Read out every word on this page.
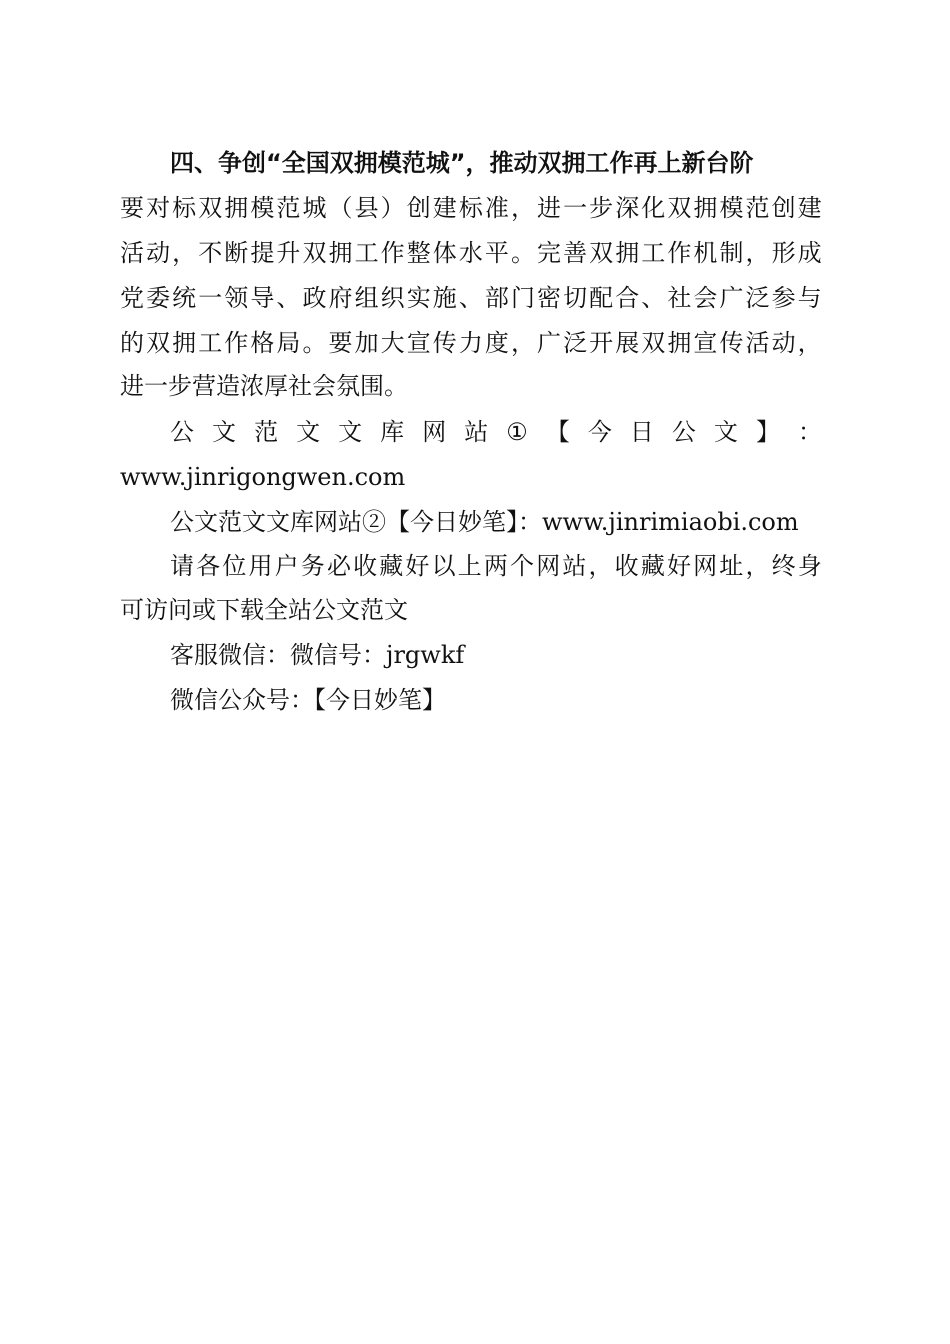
四、争创“全国双拥模范城”，推动双拥工作再上新台阶
要 对 标 双 拥 模 范 城 （ 县 ） 创 建 标 准 ， 进 一 步 深 化 双 拥 模 范 创 建
活 动 ， 不 断 提 升 双 拥 工 作 整 体 水 平 。 完 善 双 拥 工 作 机 制 ， 形 成
党 委 统 一 领 导 、 政 府 组 织 实 施 、 部 门 密 切 配 合 、 社 会 广 泛 参 与
的 双 拥 工 作 格 局 。 要 加 大 宣 传 力 度 ， 广 泛 开 展 双 拥 宣 传 活 动 ，
进一步营造浓厚社会氛围。
公 文 范 文 文 库 网 站 ① 【 今 日 公 文 】 ：
www.jinrigongwen.com
公文范文文库网站②【今日妙笔】：www.jinrimiaobi.com
请 各 位 用 户 务 必 收 藏 好 以 上 两 个 网 站 ， 收 藏 好 网 址 ， 终 身
可访问或下载全站公文范文
客服微信：微信号：jrgwkf
微信公众号：【今日妙笔】
